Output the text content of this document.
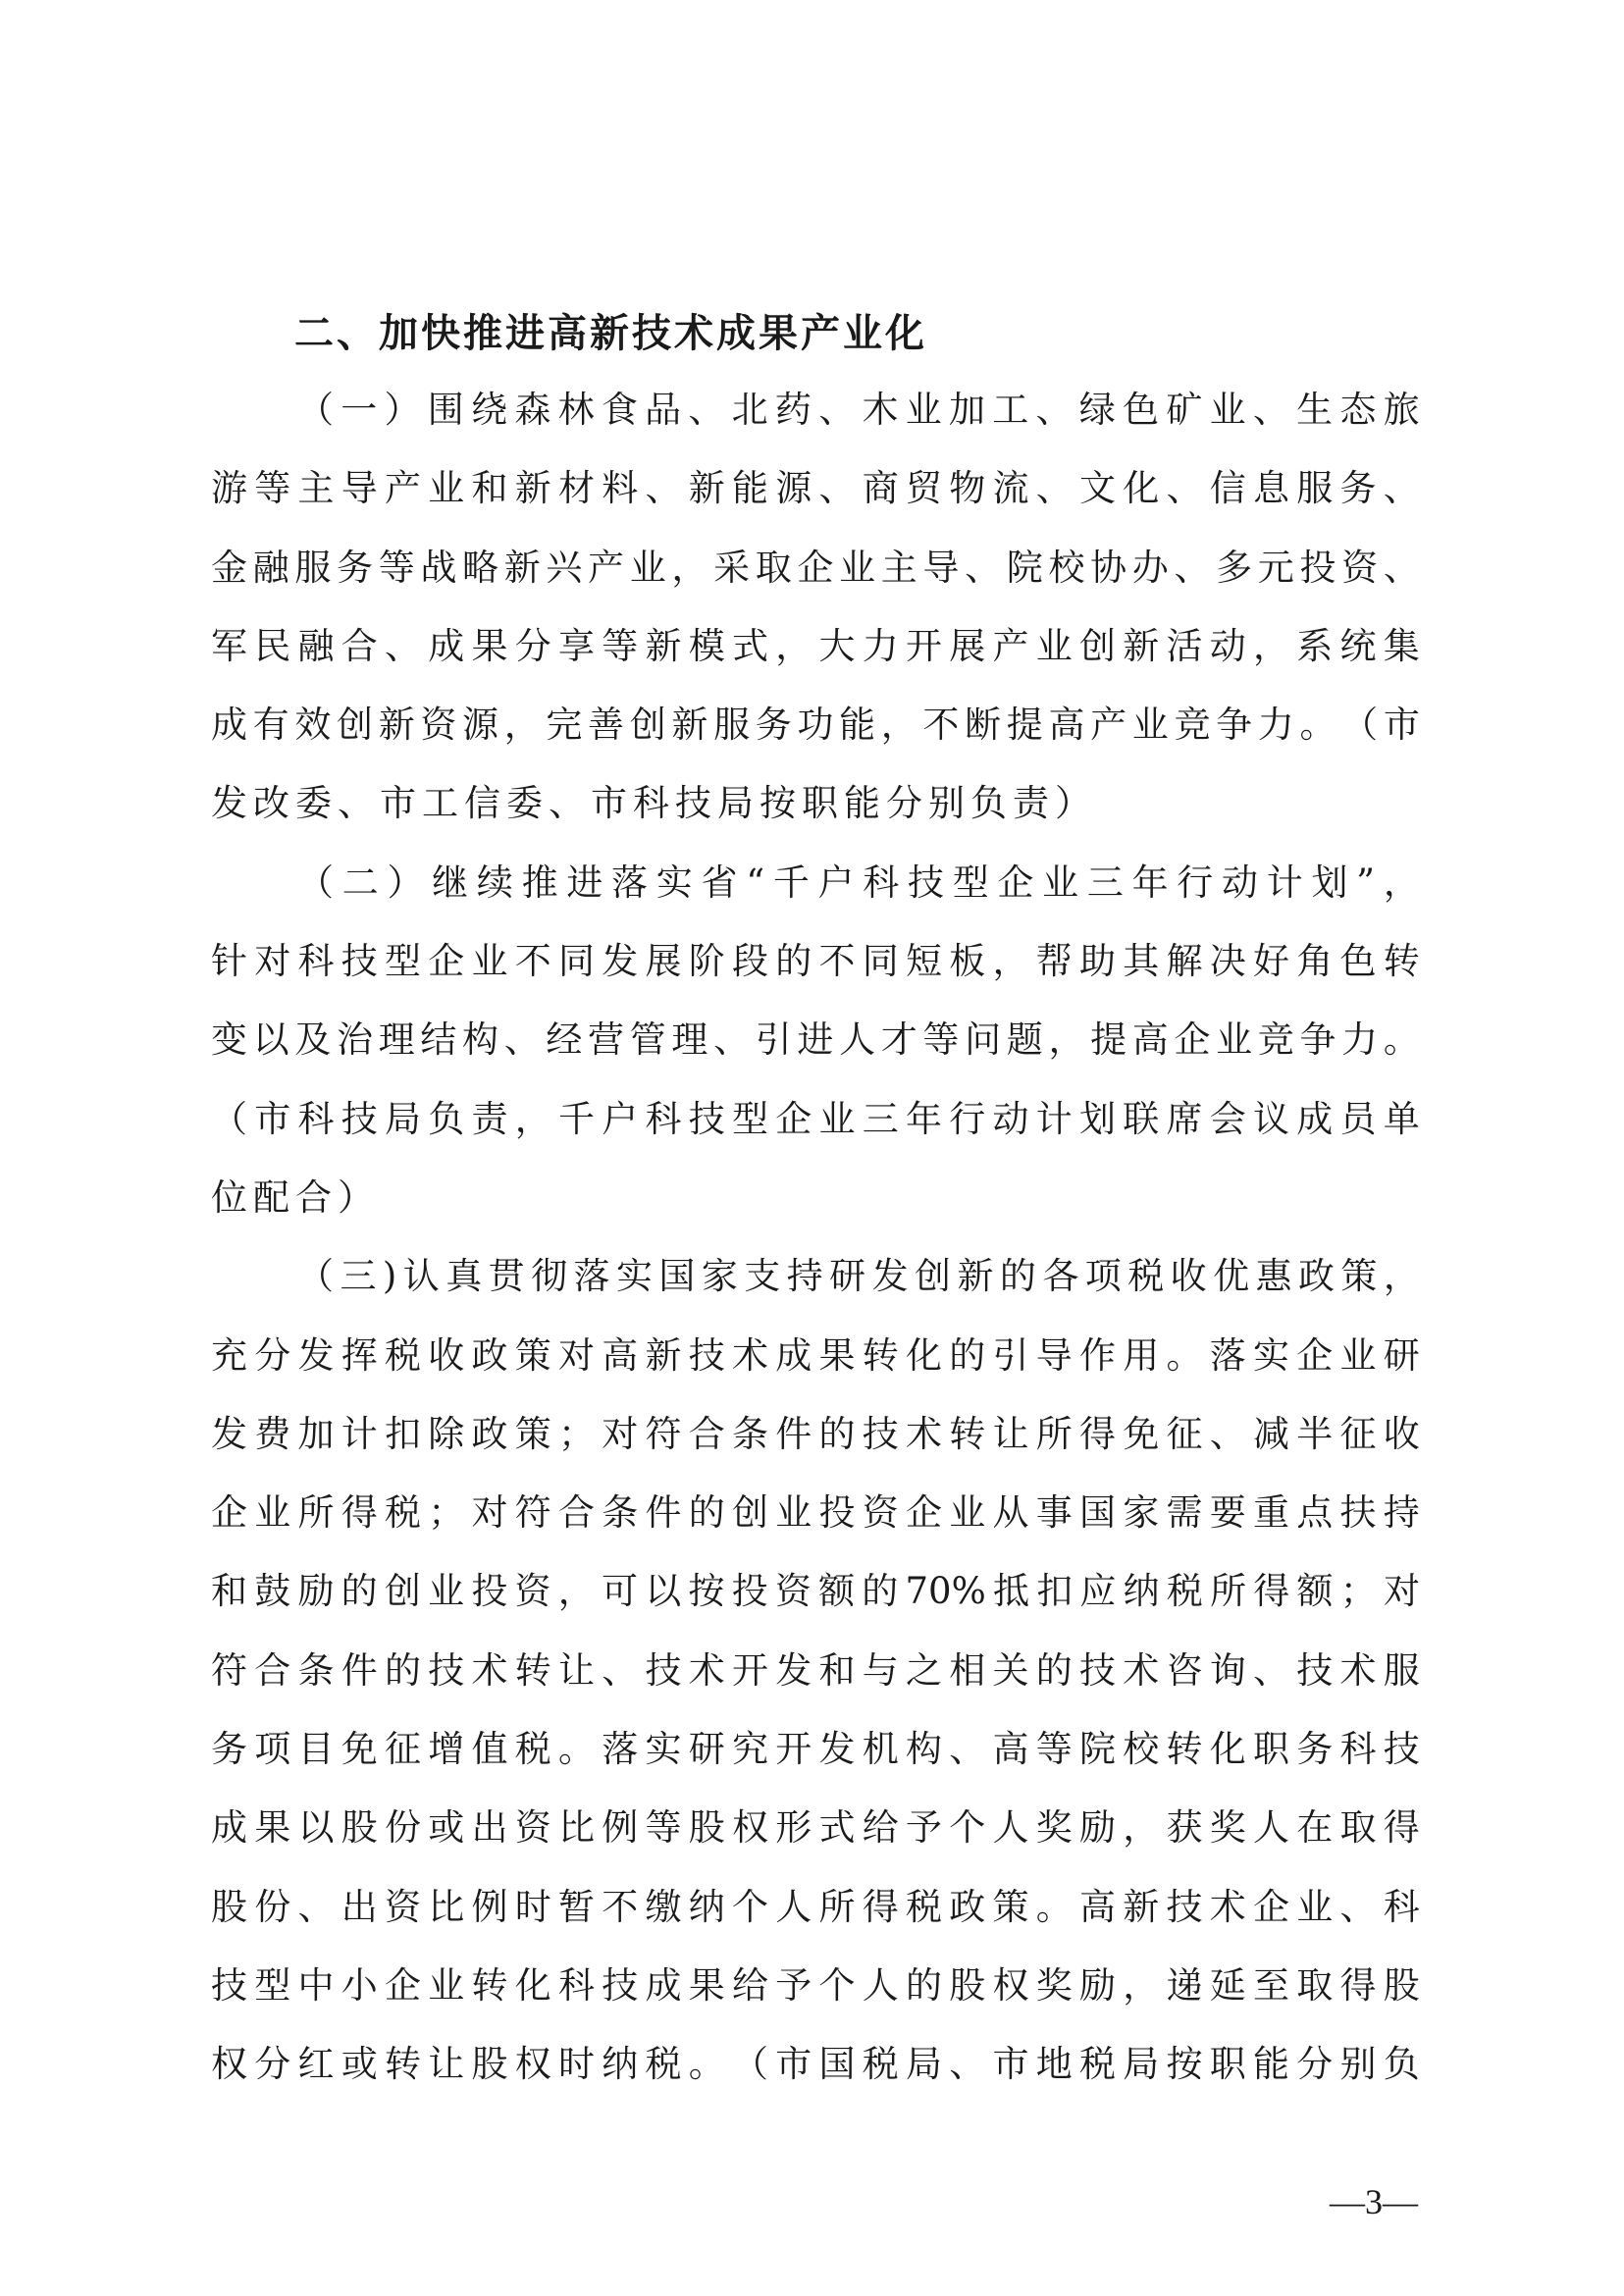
二、加快推进高新技术成果产业化
（ 一 ） 围 绕 森 林 食 品 、 北 药 、 木 业 加 工 、 绿 色 矿 业 、 生 态 旅
游 等 主 导 产 业 和 新 材 料 、 新 能 源 、 商 贸 物 流 、 文 化 、 信 息 服 务 、
金 融 服 务 等 战 略 新 兴 产 业 ， 采 取 企 业 主 导 、 院 校 协 办 、 多 元 投 资 、
军 民 融 合 、 成 果 分 享 等 新 模 式 ， 大 力 开 展 产 业 创 新 活 动 ， 系 统 集
成 有 效 创 新 资 源 ， 完 善 创 新 服 务 功 能 ， 不 断 提 高 产 业 竞 争 力 。 （ 市
发改委、市工信委、市科技局按职能分别负责）
（ 二 ） 继 续 推 进 落 实 省 “ 千 户 科 技 型 企 业 三 年 行 动 计 划 ” ，
针 对 科 技 型 企 业 不 同 发 展 阶 段 的 不 同 短 板 ， 帮 助 其 解 决 好 角 色 转
变 以 及 治 理 结 构 、 经 营 管 理 、 引 进 人 才 等 问 题 ， 提 高 企 业 竞 争 力 。
（ 市 科 技 局 负 责 ， 千 户 科 技 型 企 业 三 年 行 动 计 划 联 席 会 议 成 员 单
位配合）
（ 三 ) 认 真 贯 彻 落 实 国 家 支 持 研 发 创 新 的 各 项 税 收 优 惠 政 策 ，
充 分 发 挥 税 收 政 策 对 高 新 技 术 成 果 转 化 的 引 导 作 用 。 落 实 企 业 研
发 费 加 计 扣 除 政 策 ； 对 符 合 条 件 的 技 术 转 让 所 得 免 征 、 减 半 征 收
企 业 所 得 税 ； 对 符 合 条 件 的 创 业 投 资 企 业 从 事 国 家 需 要 重 点 扶 持
和 鼓 励 的 创 业 投 资 ， 可 以 按 投 资 额 的 70% 抵 扣 应 纳 税 所 得 额 ； 对
符 合 条 件 的 技 术 转 让 、 技 术 开 发 和 与 之 相 关 的 技 术 咨 询 、 技 术 服
务 项 目 免 征 增 值 税 。 落 实 研 究 开 发 机 构 、 高 等 院 校 转 化 职 务 科 技
成 果 以 股 份 或 出 资 比 例 等 股 权 形 式 给 予 个 人 奖 励 ， 获 奖 人 在 取 得
股 份 、 出 资 比 例 时 暂 不 缴 纳 个 人 所 得 税 政 策 。 高 新 技 术 企 业 、 科
技 型 中 小 企 业 转 化 科 技 成 果 给 予 个 人 的 股 权 奖 励 ， 递 延 至 取 得 股
权 分 红 或 转 让 股 权 时 纳 税 。 （ 市 国 税 局 、 市 地 税 局 按 职 能 分 别 负
—3—
